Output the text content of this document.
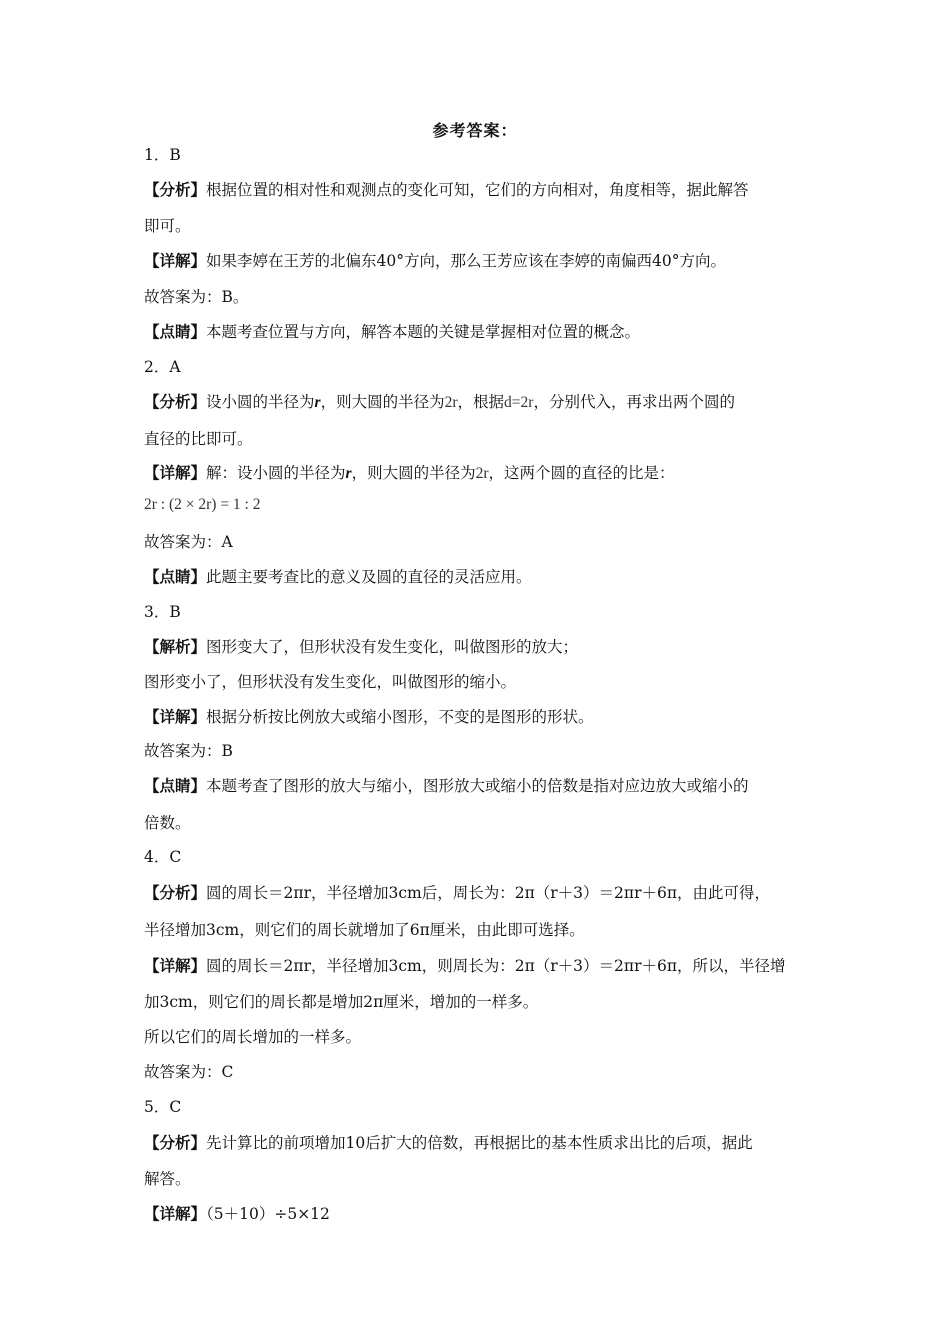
参考答案：
1．B
【分析】根据位置的相对性和观测点的变化可知，它们的方向相对，角度相等，据此解答
即可。
【详解】如果李婷在王芳的北偏东40°方向，那么王芳应该在李婷的南偏西40°方向。
故答案为：B。
【点睛】本题考查位置与方向，解答本题的关键是掌握相对位置的概念。
2．A
【分析】设小圆的半径为r，则大圆的半径为2r，根据d=2r，分别代入，再求出两个圆的
直径的比即可。
【详解】解：设小圆的半径为r，则大圆的半径为2r，这两个圆的直径的比是：
2r : (2 × 2r) = 1 : 2
故答案为：A
【点睛】此题主要考查比的意义及圆的直径的灵活应用。
3．B
【解析】图形变大了，但形状没有发生变化，叫做图形的放大；
图形变小了，但形状没有发生变化，叫做图形的缩小。
【详解】根据分析按比例放大或缩小图形，不变的是图形的形状。
故答案为：B
【点睛】本题考查了图形的放大与缩小，图形放大或缩小的倍数是指对应边放大或缩小的
倍数。
4．C
【分析】圆的周长＝2πr，半径增加3cm后，周长为：2π（r＋3）＝2πr＋6π，由此可得，
半径增加3cm，则它们的周长就增加了6π厘米，由此即可选择。
【详解】圆的周长＝2πr，半径增加3cm，则周长为：2π（r＋3）＝2πr＋6π，所以，半径增
加3cm，则它们的周长都是增加2π厘米，增加的一样多。
所以它们的周长增加的一样多。
故答案为：C
5．C
【分析】先计算比的前项增加10后扩大的倍数，再根据比的基本性质求出比的后项，据此
解答。
【详解】（5＋10）÷5×12
